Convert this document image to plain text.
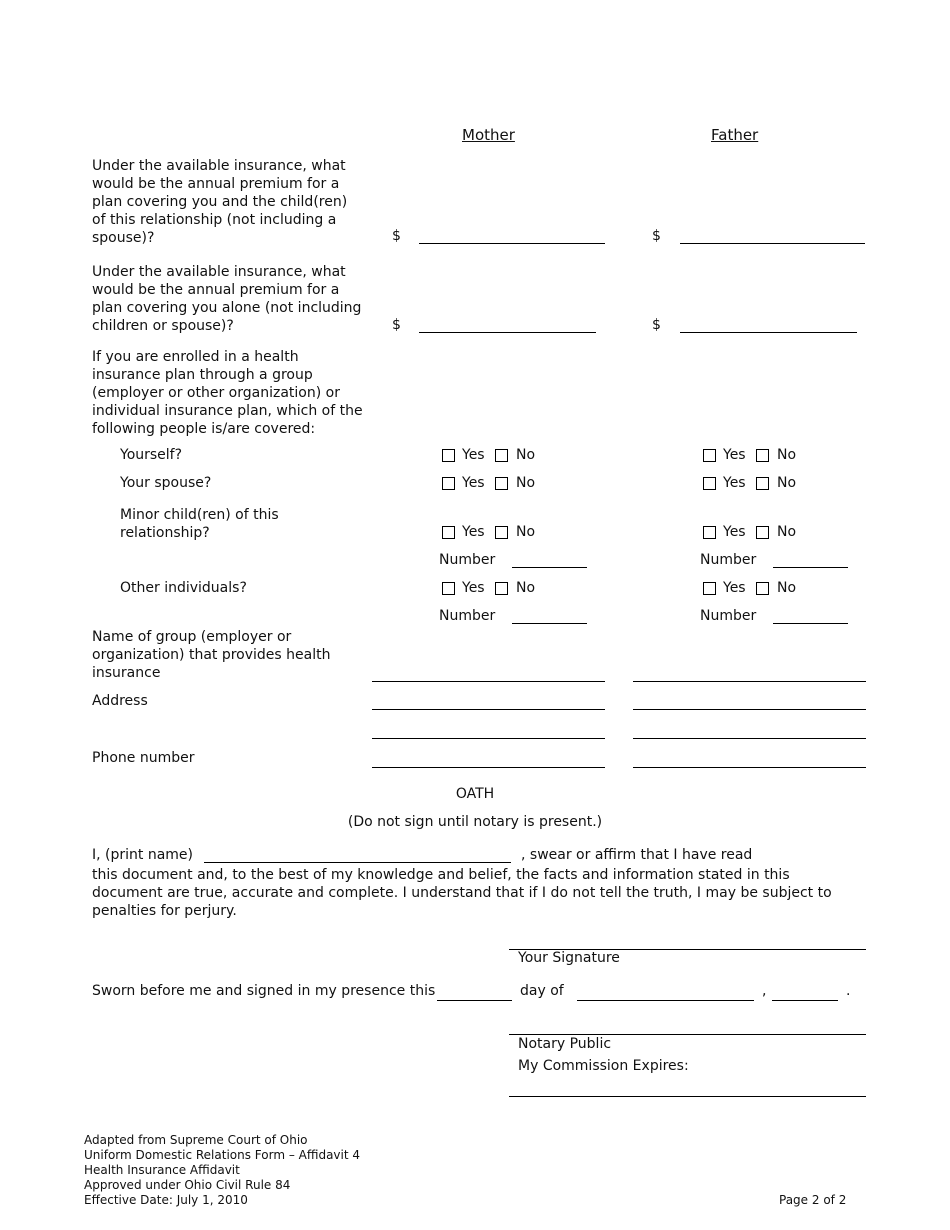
Mother	Father
Under the available insurance, what would be the annual premium for a plan covering you and the child(ren) of this relationship (not including a spouse)?	$	$
Under the available insurance, what would be the annual premium for a plan covering you alone (not including children or spouse)?	$	$
If you are enrolled in a health insurance plan through a group (employer or other organization) or individual insurance plan, which of the following people is/are covered:
Yourself?	Yes No	Yes No
Your spouse?	Yes No	Yes No
Minor child(ren) of this relationship?	Yes No	Yes No
Number	Number
Other individuals?	Yes No	Yes No
Number	Number
Name of group (employer or organization) that provides health insurance
Address
Phone number
OATH
(Do not sign until notary is present.)
I, (print name)	, swear or affirm that I have read
this document and, to the best of my knowledge and belief, the facts and information stated in this document are true, accurate and complete. I understand that if I do not tell the truth, I may be subject to penalties for perjury.
Your Signature
Sworn before me and signed in my presence this	day of	,	.
Notary Public
My Commission Expires:
Adapted from Supreme Court of Ohio
Uniform Domestic Relations Form – Affidavit 4
Health Insurance Affidavit
Approved under Ohio Civil Rule 84
Effective Date: July 1, 2010	Page 2 of 2
